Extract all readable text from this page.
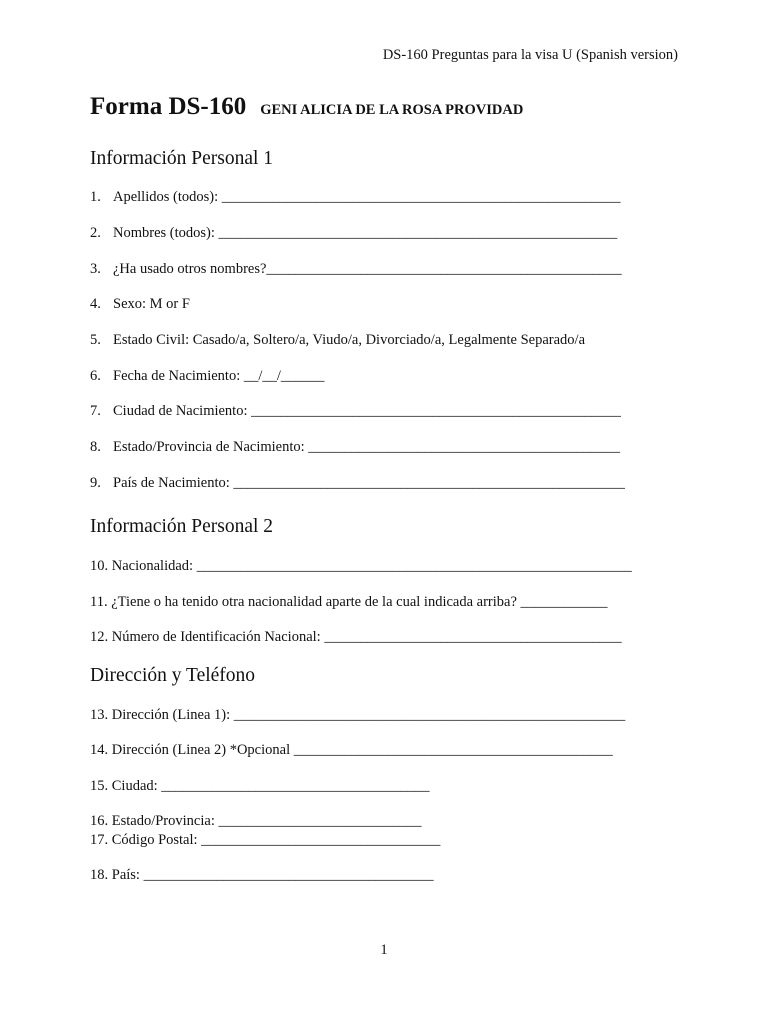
DS-160 Preguntas para la visa U (Spanish version)
Forma DS-160 GENI ALICIA DE LA ROSA PROVIDAD
Información Personal 1
1. Apellidos (todos): _______________________________________________________
2. Nombres (todos): _______________________________________________________
3. ¿Ha usado otros nombres?_________________________________________________
4. Sexo: M or F
5. Estado Civil: Casado/a, Soltero/a, Viudo/a, Divorciado/a, Legalmente Separado/a
6. Fecha de Nacimiento: __/__/______
7. Ciudad de Nacimiento: ___________________________________________________
8. Estado/Provincia de Nacimiento: ___________________________________________
9. País de Nacimiento: ______________________________________________________
Información Personal 2
10. Nacionalidad: ____________________________________________________________
11. ¿Tiene o ha tenido otra nacionalidad aparte de la cual indicada arriba? ____________
12. Número de Identificación Nacional: _________________________________________
Dirección y Teléfono
13. Dirección (Linea 1): ______________________________________________________
14. Dirección (Linea 2) *Opcional ____________________________________________
15. Ciudad: _____________________________________
16. Estado/Provincia: ____________________________
17. Código Postal: _________________________________
18. País: ________________________________________
1
